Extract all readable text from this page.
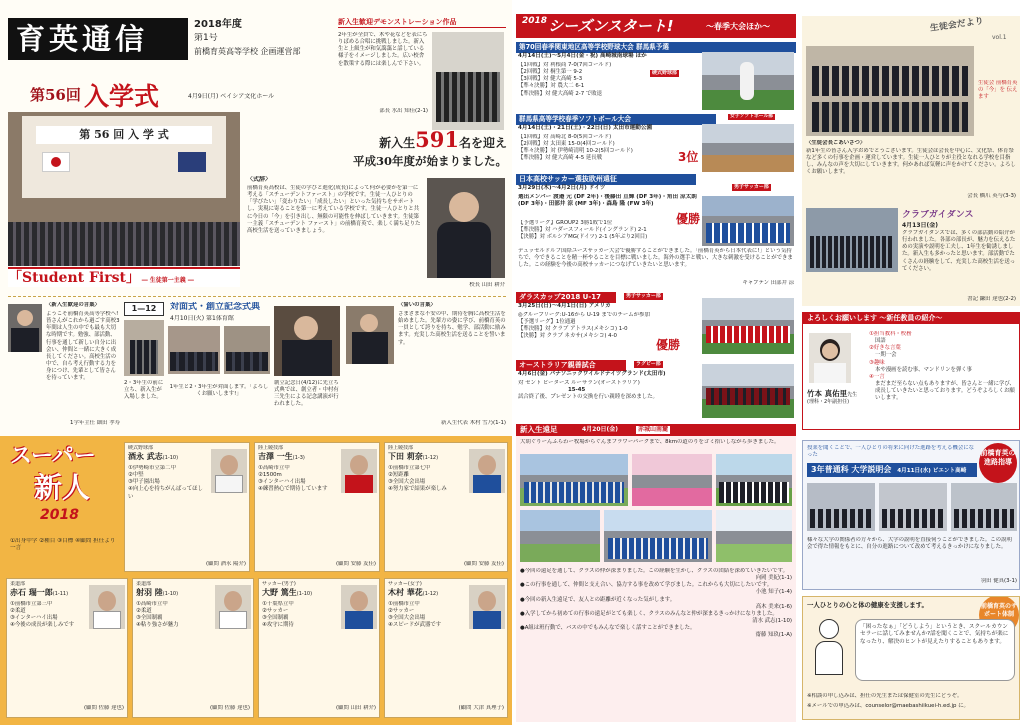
育英通信	2018年度
第1号
前橋育英高等学校 企画運営部
第56回 入学式	4月9日(月) ベイシア文化ホール
第 56 回 入 学 式
「Student First」 ― 生徒第一主義 ―
新入生歓迎デモンストレーション作品
2年生が全員で、木や花などを表にちりばめる合唱に挑戦しました。新入生と上級生が和気藹藹と話している様子をイメージしました。広い校舎を散策する際には楽しんで下さい。
部長 水出 知佳(2-1)
新入生591名を迎え
平成30年度が始まりました。
〈式辞〉
前橋育英高校は、生徒の学びと進化(成長)によって何が必要かを第一に考える「スチューデントファースト」の学校です。生徒一人ひとりの「学びたい」「変わりたい」「成長したい」といった気持ちをサポートし、実現に寄ることを第一に考えている学校です。生徒一人ひとりと共に今日の「今」を引き出し、無限の可能性を伸ばしていきます。生徒第一主義「スチューデント ファースト」の前橋育英で、楽しく満ち足りた高校生活を送っていきましょう。
校長 山田 耕介
〈新入生歓迎の言葉〉
ようこそ前橋育英高等学校へ!皆さんがこれから過ごす高校3年間は人生の中でも最も大切な時期です。勉強、部活動、行事を通して新しい自分に出会い、仲間と一緒に大きく成長してください。高校生活の中で、自ら考え行動する力を身につけ、先輩として皆さんを待っています。
1学年主任 細田 孝寿
1—12	対面式・創立記念式典
4月10日(火) 第1体育館
2・3年生の前に立ち、新入生が入場しました。
1年生と2・3年生が対面します。「よろしくお願いします!」
創立記念日(4/12)に先立ち式典では、創立者・中村有三先生による記念講演が行われました。
〈誓いの言葉〉
さまざまな不安の中、期待を胸に高校生活を始めました。先輩方の姿に学び、前橋育英の一員として誇りを持ち、勉学、部活動に励みます。充実した高校生活を送ることを誓います。
新入生代表 木村 雪乃(1-1)
スーパー
新人
2018
①出身中学 ②種目 ③目標 ④顧問 担任より一言
硬式野球部
酒永 武志(1-10)
①伊勢崎市立第二中
②中堅
③甲子園出場
④向上心を持ちがんばってほしい
(顧問 酒永 陽介)
陸上競技部
吉澤 一生(1-3)
①高崎市立中
②1500m
③インターハイ出場
④練習熱心で期待しています
(顧問 安藤 友佳)
陸上競技部
下田 莉奈(1-12)
①前橋市立第七中
②短距離
③全国大会出場
④努力家で結果が楽しみ
(顧問 安藤 友佳)
柔道部
赤石 瑞一郎(1-11)
①前橋市立第三中
②柔道
③インターハイ出場
④今後の成長が楽しみです
(顧問 佐藤 達也)
柔道部
射羽 陸(1-10)
①高崎市立中
②柔道
③全国制覇
④粘り強さが魅力
(顧問 佐藤 達也)
サッカー(男子)
大野 篤生(1-10)
①千葉県立中
②サッカー
③全国制覇
④攻守に期待
(顧問 山田 耕介)
サッカー(女子)
木村 華花(1-12)
①前橋市立中
②サッカー
③全国大会出場
④スピードが武器です
(顧問 大津 真理子)
2018 シーズンスタート!	〜春季大会ほか〜
第70回春季関東地区高等学校野球大会 群馬県予選
4月14日(土)〜5月4日(金・祝) 高崎城南球場 ほか
【1回戦】対 利根商 7-0(7回コールド)
【2回戦】対 桐生第一 9-2
【3回戦】対 健大高崎 5-3
【準々決勝】対 農大二 6-1
【準決勝】対 健大高崎 2-7 で敗退
硬式野球部
群馬県高等学校春季ソフトボール大会
4月14日(土)・21日(土)・22日(日) 太田市運動公園
【1回戦】対 高崎北 8-0(5回コールド)
【2回戦】対 太田東 15-0(4回コールド)
【準々決勝】対 伊勢崎清明 10-2(5回コールド)
【準決勝】対 健大高崎 4-5 延長戦	3位
女子ソフトボール部
日本高校サッカー選抜欧州遠征
男子サッカー部
3月29日(木)〜4月2日(月) ドイツ
選出メンバー 渡邉 元 (DF 2年)・後藤田 亘輝 (DF 3年)・角田 涼太朗 (DF 3年)・田部井 涼 (MF 3年)・森島 隆 (FW 3年)
【予選リーグ】GROUP2 3勝1敗で1位
【準決勝】対 ハダースフィールド(イングランド) 2-1
【決勝】対 ボルシアMG(ドイツ) 2-1 (5年ぶり2回目)
優勝
デュッセルドルフ国際ユースサッカー大会で優勝することができました。「前橋育英から日本代表に!」という気持ちで、今できることを精一杯やることを目標に戦いました。海外の選手と戦い、大きな刺激を受けることができました。この経験を今後の高校サッカーにつなげていきたいと思います。
キャプテン 田部井 涼
ダラスカップ2018 U-17	男子サッカー部
3月25日(日)〜4月1日(日) アメリカ
◎グループリーグ:U-16から U-19 までのチームが参加
【予選リーグ】1位通過
【準決勝】対 クラブ アトラス(メキシコ) 1-0
【決勝】対 クラブ ネカサ(メキシコ) 4-0
優勝
オーストラリア親善試合	ラグビー部
4月6日(金) パナソニックワイルドナイツグランド(太田市)
対 セント ピーターズ ルーサラン(オーストラリア)
15-45
試合終了後、プレゼントの交換を行い親睦を深めました。
新入生遠足	4月20日(金)	赤城山南麓
大胡ぐりーんふらわー牧場からぐんまフラワーパークまで、8kmの道のりをゴミ拾いしながら歩きました。
●今回の遠足を通して、クラスの仲が深まりました。この経験を生かし、クラスの団結を深めていきたいです。
向岡 美紀(1-1)
●この行事を通して、仲間と支え合い、協力する事を改めて学びました。これからも大切にしたいです。
小池 知子(1-4)
●今回の新入生遠足で、友人との距離が近くなった気がします。
高木 美来(1-6)
●入学してから初めての行事の遠足がとても楽しく、クラスのみんなと仲が深まるきっかけになりました。
清水 武志(1-10)
●A組は班行動で、バスの中でもみんなで楽しく話すことができました。
齋藤 知玖(1-A)
生徒会だより
vol.1
生徒会 前橋育英の「今」を 伝えます
〈生徒会長ごあいさつ〉
新1年生の皆さん入学おめでとうございます。生徒会は会長を中心に、文化祭、体育祭など多くの行事を企画・運営しています。生徒一人ひとりが主役となれる学校を目指し、みんなの声を大切にしていきます。何かあれば気軽に声をかけてください。よろしくお願いします。
会長 橋爪 英与(3-3)
クラブガイダンス
4月13日(金)
クラブガイダンスでは、多くの部活動の紹介が行われました。各部の部長が、魅力を伝えるための実演や説明を工夫し、1年生を勧誘しました。新入生も多かったと思います。部活動でたくさんの経験をして、充実した高校生活を送ってください。
書記 鎌田 達也(2-2)
よろしくお願いします 〜新任教員の紹介〜
竹本 真佑里先生
(理科・2年副担任)
①担当教科・校務
国語
②好きな言葉
一期一会
③趣味
本や漫画を読む事、マンドリンを弾く事
④一言
まだまだ至らない点もありますが、皆さんと一緒に学び、成長していきたいと思っております。どうぞよろしくお願いします。
授業を聞くことで、一人ひとりの将来に向けた進路を考える機会になった	前橋育英の進路指導
3年普通科 大学説明会 4月11日(水) ビエント高崎
様々な大学の関係者の方々から、大学の説明を直接伺うことができました。この説明会で得た情報をもとに、自分の進路について改めて考えるきっかけになりました。
羽田 健真(3-1)
一人ひとりの心と体の健康を支援します。	前橋育英のサポート体制
「困ったなぁ」「どうしよう」というとき、スクールカウンセラーに話してみませんか?話を聞くことで、気持ちが楽になったり、解決のヒントが見えたりすることもあります。
※相談の申し込みは、担任の先生または保健室の先生にどうぞ。
※メールでの申込みは、counselor@maebashiikuei-h.ed.jp に。
